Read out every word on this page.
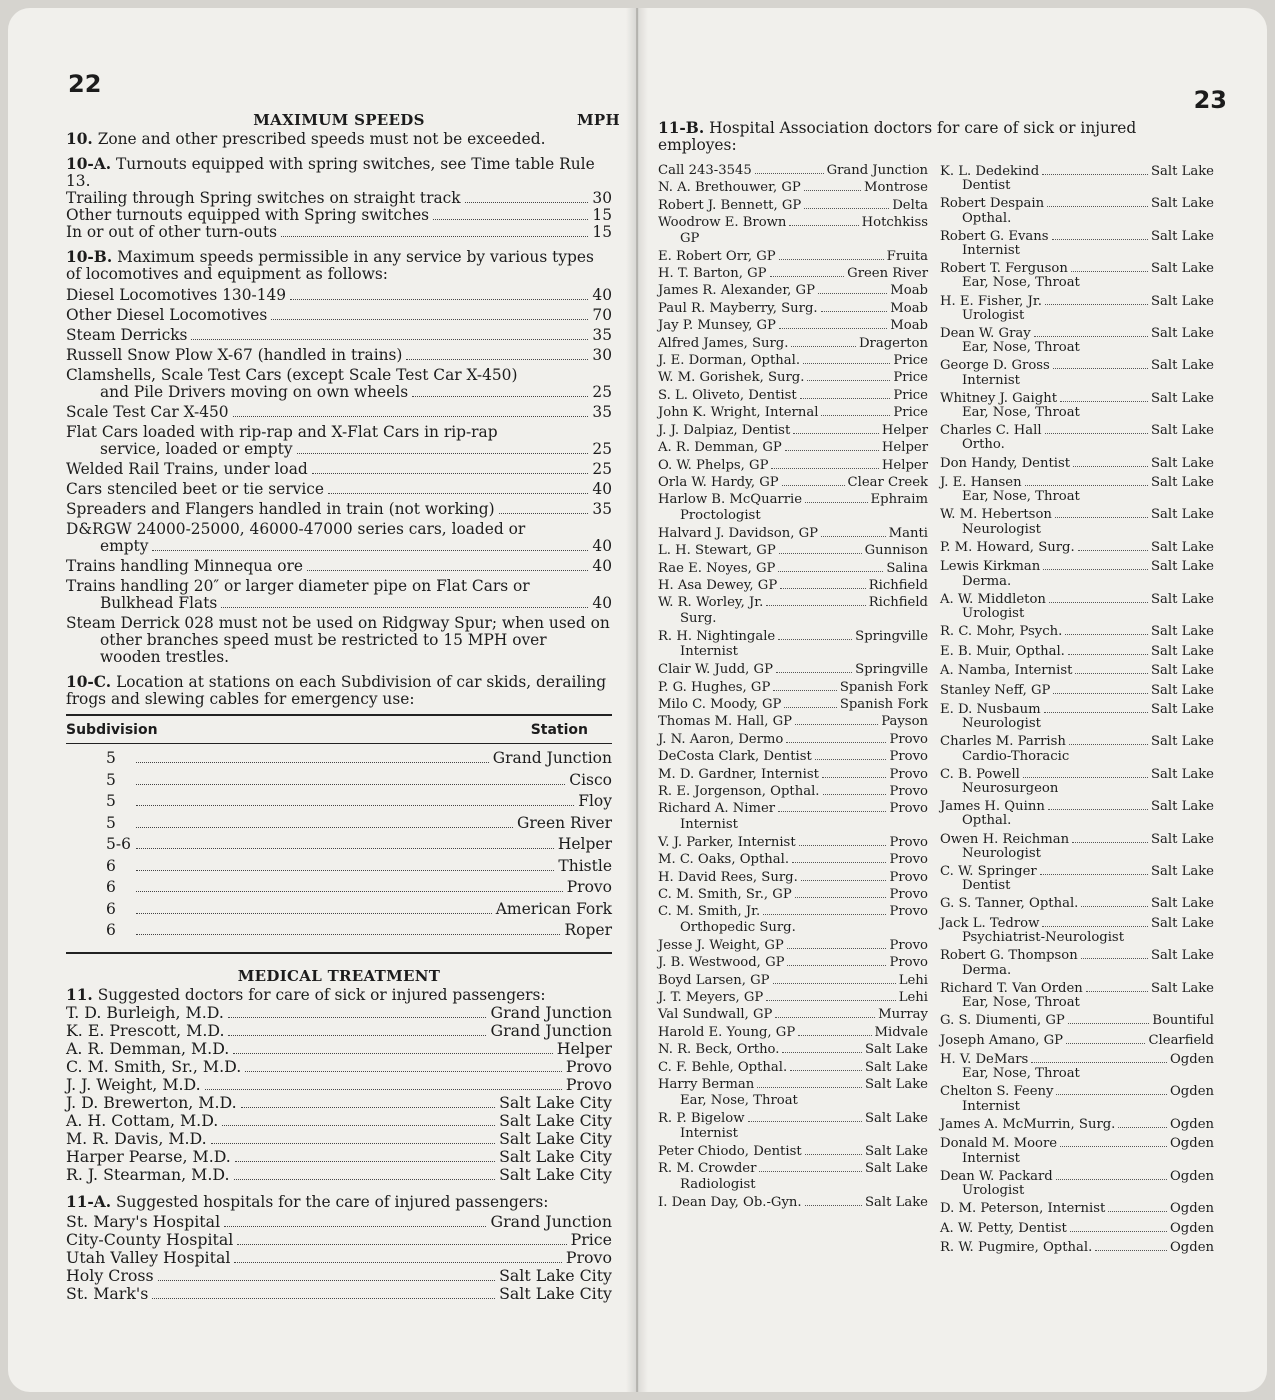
22
MAXIMUM SPEEDS	MPH

10. Zone and other prescribed speeds must not be exceeded.

10-A. Turnouts equipped with spring switches, see Time table Rule 13.

Trailing through Spring switches on straight track	30
Other turnouts equipped with Spring switches	15
In or out of other turn-outs	15

10-B. Maximum speeds permissible in any service by various types of locomotives and equipment as follows:

Diesel Locomotives 130-149	40
Other Diesel Locomotives	70
Steam Derricks	35
Russell Snow Plow X-67 (handled in trains)	30
Clamshells, Scale Test Cars (except Scale Test Car X-450)
and Pile Drivers moving on own wheels	25
Scale Test Car X-450	35
Flat Cars loaded with rip-rap and X-Flat Cars in rip-rap
service, loaded or empty	25
Welded Rail Trains, under load	25
Cars stenciled beet or tie service	40
Spreaders and Flangers handled in train (not working)	35
D&RGW 24000-25000, 46000-47000 series cars, loaded or
empty	40
Trains handling Minnequa ore	40
Trains handling 20″ or larger diameter pipe on Flat Cars or
Bulkhead Flats	40

Steam Derrick 028 must not be used on Ridgway Spur; when used on other branches speed must be restricted to 15 MPH over wooden trestles.

10-C. Location at stations on each Subdivision of car skids, derailing frogs and slewing cables for emergency use:

Subdivision	Station
5	Grand Junction
5	Cisco
5	Floy
5	Green River
5-6	Helper
6	Thistle
6	Provo
6	American Fork
6	Roper
MEDICAL TREATMENT

11. Suggested doctors for care of sick or injured passengers:

T. D. Burleigh, M.D.	Grand Junction
K. E. Prescott, M.D.	Grand Junction
A. R. Demman, M.D.	Helper
C. M. Smith, Sr., M.D.	Provo
J. J. Weight, M.D.	Provo
J. D. Brewerton, M.D.	Salt Lake City
A. H. Cottam, M.D.	Salt Lake City
M. R. Davis, M.D.	Salt Lake City
Harper Pearse, M.D.	Salt Lake City
R. J. Stearman, M.D.	Salt Lake City

11-A. Suggested hospitals for the care of injured passengers:

St. Mary's Hospital	Grand Junction
City-County Hospital	Price
Utah Valley Hospital	Provo
Holy Cross	Salt Lake City
St. Mark's	Salt Lake City
23

11-B. Hospital Association doctors for care of sick or injured employes:

Call 243-3545	Grand Junction
N. A. Brethouwer, GP	Montrose
Robert J. Bennett, GP	Delta
Woodrow E. Brown	Hotchkiss
GP
E. Robert Orr, GP	Fruita
H. T. Barton, GP	Green River
James R. Alexander, GP	Moab
Paul R. Mayberry, Surg.	Moab
Jay P. Munsey, GP	Moab
Alfred James, Surg.	Dragerton
J. E. Dorman, Opthal.	Price
W. M. Gorishek, Surg.	Price
S. L. Oliveto, Dentist	Price
John K. Wright, Internal	Price
J. J. Dalpiaz, Dentist	Helper
A. R. Demman, GP	Helper
O. W. Phelps, GP	Helper
Orla W. Hardy, GP	Clear Creek
Harlow B. McQuarrie	Ephraim
Proctologist
Halvard J. Davidson, GP	Manti
L. H. Stewart, GP	Gunnison
Rae E. Noyes, GP	Salina
H. Asa Dewey, GP	Richfield
W. R. Worley, Jr.	Richfield
Surg.
R. H. Nightingale	Springville
Internist
Clair W. Judd, GP	Springville
P. G. Hughes, GP	Spanish Fork
Milo C. Moody, GP	Spanish Fork
Thomas M. Hall, GP	Payson
J. N. Aaron, Dermo	Provo
DeCosta Clark, Dentist	Provo
M. D. Gardner, Internist	Provo
R. E. Jorgenson, Opthal.	Provo
Richard A. Nimer	Provo
Internist
V. J. Parker, Internist	Provo
M. C. Oaks, Opthal.	Provo
H. David Rees, Surg.	Provo
C. M. Smith, Sr., GP	Provo
C. M. Smith, Jr.	Provo
Orthopedic Surg.
Jesse J. Weight, GP	Provo
J. B. Westwood, GP	Provo
Boyd Larsen, GP	Lehi
J. T. Meyers, GP	Lehi
Val Sundwall, GP	Murray
Harold E. Young, GP	Midvale
N. R. Beck, Ortho.	Salt Lake
C. F. Behle, Opthal.	Salt Lake
Harry Berman	Salt Lake
Ear, Nose, Throat
R. P. Bigelow	Salt Lake
Internist
Peter Chiodo, Dentist	Salt Lake
R. M. Crowder	Salt Lake
Radiologist
I. Dean Day, Ob.-Gyn.	Salt Lake
K. L. Dedekind	Salt Lake
Dentist
Robert Despain	Salt Lake
Opthal.
Robert G. Evans	Salt Lake
Internist
Robert T. Ferguson	Salt Lake
Ear, Nose, Throat
H. E. Fisher, Jr.	Salt Lake
Urologist
Dean W. Gray	Salt Lake
Ear, Nose, Throat
George D. Gross	Salt Lake
Internist
Whitney J. Gaight	Salt Lake
Ear, Nose, Throat
Charles C. Hall	Salt Lake
Ortho.
Don Handy, Dentist	Salt Lake
J. E. Hansen	Salt Lake
Ear, Nose, Throat
W. M. Hebertson	Salt Lake
Neurologist
P. M. Howard, Surg.	Salt Lake
Lewis Kirkman	Salt Lake
Derma.
A. W. Middleton	Salt Lake
Urologist
R. C. Mohr, Psych.	Salt Lake
E. B. Muir, Opthal.	Salt Lake
A. Namba, Internist	Salt Lake
Stanley Neff, GP	Salt Lake
E. D. Nusbaum	Salt Lake
Neurologist
Charles M. Parrish	Salt Lake
Cardio-Thoracic
C. B. Powell	Salt Lake
Neurosurgeon
James H. Quinn	Salt Lake
Opthal.
Owen H. Reichman	Salt Lake
Neurologist
C. W. Springer	Salt Lake
Dentist
G. S. Tanner, Opthal.	Salt Lake
Jack L. Tedrow	Salt Lake
Psychiatrist-Neurologist
Robert G. Thompson	Salt Lake
Derma.
Richard T. Van Orden	Salt Lake
Ear, Nose, Throat
G. S. Diumenti, GP	Bountiful
Joseph Amano, GP	Clearfield
H. V. DeMars	Ogden
Ear, Nose, Throat
Chelton S. Feeny	Ogden
Internist
James A. McMurrin, Surg.	Ogden
Donald M. Moore	Ogden
Internist
Dean W. Packard	Ogden
Urologist
D. M. Peterson, Internist	Ogden
A. W. Petty, Dentist	Ogden
R. W. Pugmire, Opthal.	Ogden
